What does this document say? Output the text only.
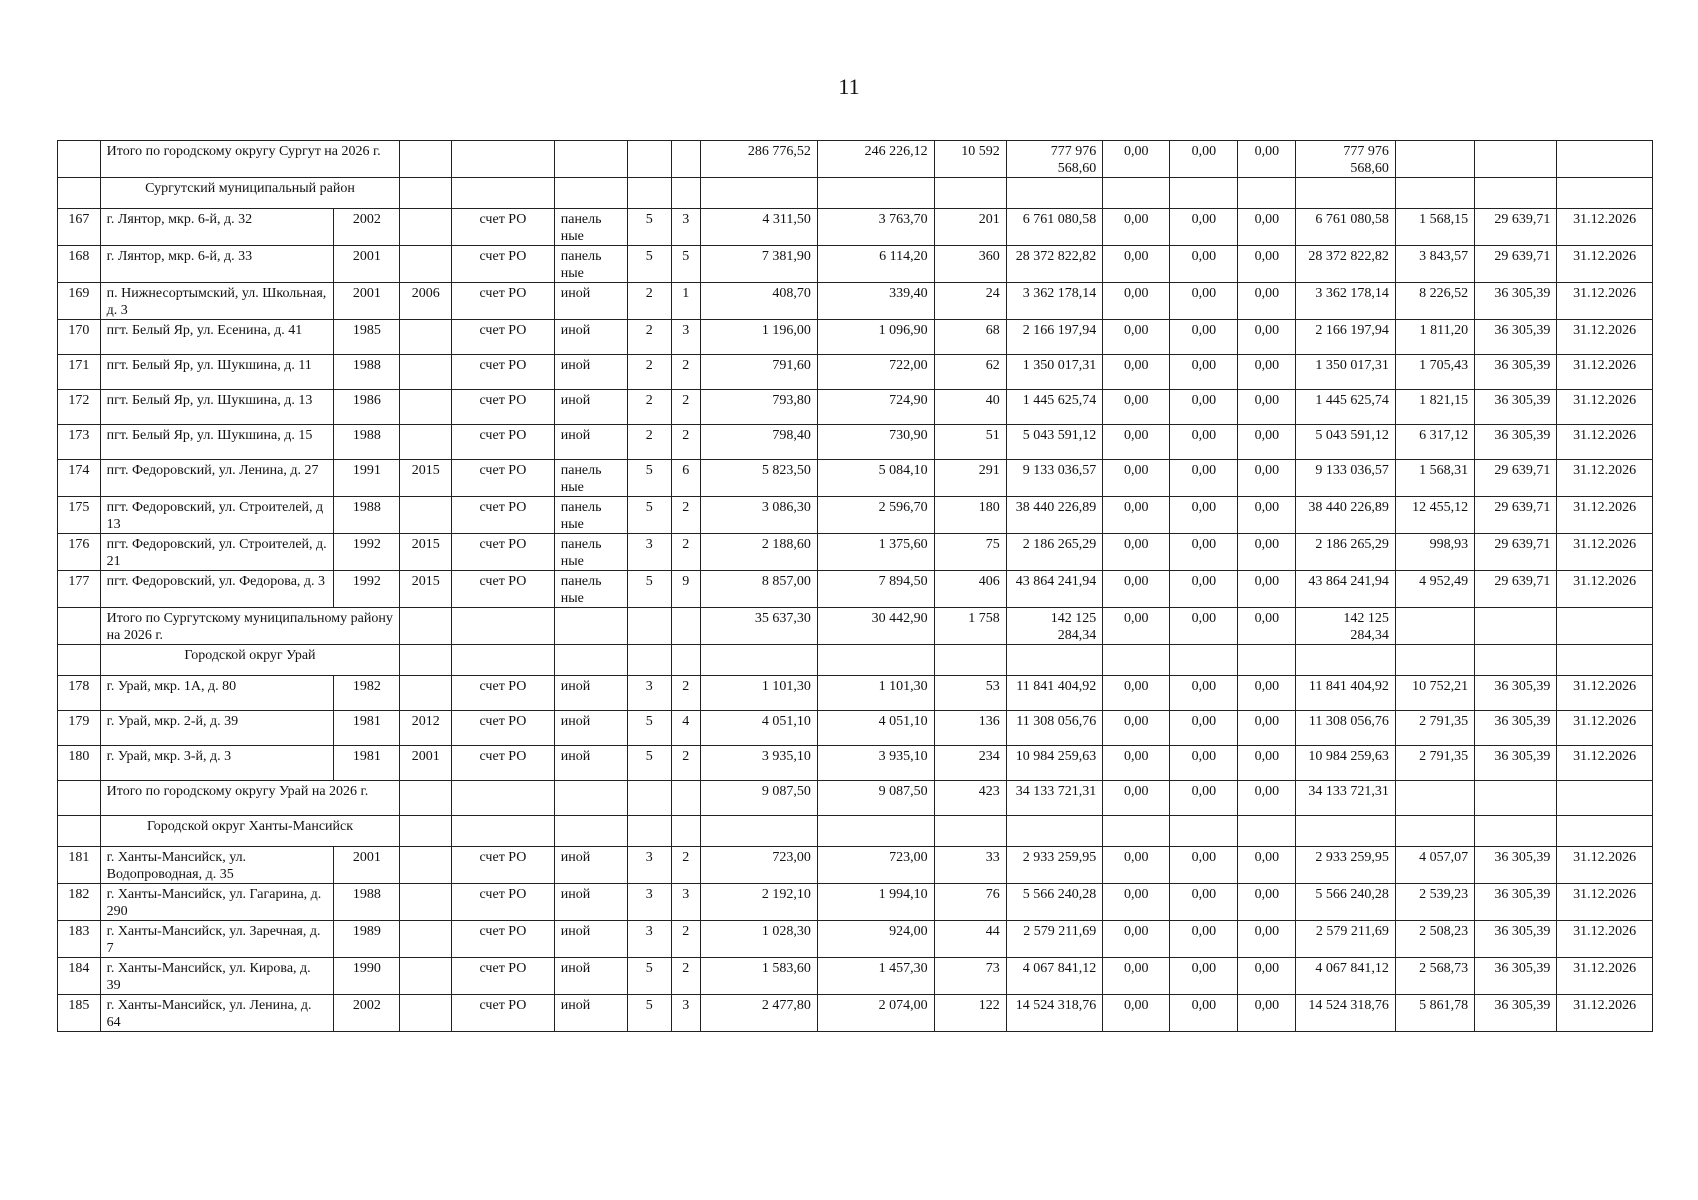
11
	Итого по городскому округу Сургут на 2026 г.							286 776,52	246 226,12	10 592	777 976 568,60	0,00	0,00	0,00	777 976 568,60			
	Сургутский муниципальный район																	
167	г. Лянтор, мкр. 6-й, д. 32	2002		счет РО	панель ные	5	3	4 311,50	3 763,70	201	6 761 080,58	0,00	0,00	0,00	6 761 080,58	1 568,15	29 639,71	31.12.2026
168	г. Лянтор, мкр. 6-й, д. 33	2001		счет РО	панель ные	5	5	7 381,90	6 114,20	360	28 372 822,82	0,00	0,00	0,00	28 372 822,82	3 843,57	29 639,71	31.12.2026
169	п. Нижнесортымский, ул. Школьная, д. 3	2001	2006	счет РО	иной	2	1	408,70	339,40	24	3 362 178,14	0,00	0,00	0,00	3 362 178,14	8 226,52	36 305,39	31.12.2026
170	пгт. Белый Яр, ул. Есенина, д. 41	1985		счет РО	иной	2	3	1 196,00	1 096,90	68	2 166 197,94	0,00	0,00	0,00	2 166 197,94	1 811,20	36 305,39	31.12.2026
171	пгт. Белый Яр, ул. Шукшина, д. 11	1988		счет РО	иной	2	2	791,60	722,00	62	1 350 017,31	0,00	0,00	0,00	1 350 017,31	1 705,43	36 305,39	31.12.2026
172	пгт. Белый Яр, ул. Шукшина, д. 13	1986		счет РО	иной	2	2	793,80	724,90	40	1 445 625,74	0,00	0,00	0,00	1 445 625,74	1 821,15	36 305,39	31.12.2026
173	пгт. Белый Яр, ул. Шукшина, д. 15	1988		счет РО	иной	2	2	798,40	730,90	51	5 043 591,12	0,00	0,00	0,00	5 043 591,12	6 317,12	36 305,39	31.12.2026
174	пгт. Федоровский, ул. Ленина, д. 27	1991	2015	счет РО	панель ные	5	6	5 823,50	5 084,10	291	9 133 036,57	0,00	0,00	0,00	9 133 036,57	1 568,31	29 639,71	31.12.2026
175	пгт. Федоровский, ул. Строителей, д 13	1988		счет РО	панель ные	5	2	3 086,30	2 596,70	180	38 440 226,89	0,00	0,00	0,00	38 440 226,89	12 455,12	29 639,71	31.12.2026
176	пгт. Федоровский, ул. Строителей, д. 21	1992	2015	счет РО	панель ные	3	2	2 188,60	1 375,60	75	2 186 265,29	0,00	0,00	0,00	2 186 265,29	998,93	29 639,71	31.12.2026
177	пгт. Федоровский, ул. Федорова, д. 3	1992	2015	счет РО	панель ные	5	9	8 857,00	7 894,50	406	43 864 241,94	0,00	0,00	0,00	43 864 241,94	4 952,49	29 639,71	31.12.2026
	Итого по Сургутскому муниципальному району на 2026 г.							35 637,30	30 442,90	1 758	142 125 284,34	0,00	0,00	0,00	142 125 284,34			
	Городской округ Урай																	
178	г. Урай, мкр. 1А, д. 80	1982		счет РО	иной	3	2	1 101,30	1 101,30	53	11 841 404,92	0,00	0,00	0,00	11 841 404,92	10 752,21	36 305,39	31.12.2026
179	г. Урай, мкр. 2-й, д. 39	1981	2012	счет РО	иной	5	4	4 051,10	4 051,10	136	11 308 056,76	0,00	0,00	0,00	11 308 056,76	2 791,35	36 305,39	31.12.2026
180	г. Урай, мкр. 3-й, д. 3	1981	2001	счет РО	иной	5	2	3 935,10	3 935,10	234	10 984 259,63	0,00	0,00	0,00	10 984 259,63	2 791,35	36 305,39	31.12.2026
	Итого по городскому округу Урай на 2026 г.							9 087,50	9 087,50	423	34 133 721,31	0,00	0,00	0,00	34 133 721,31			
	Городской округ Ханты-Мансийск																	
181	г. Ханты-Мансийск, ул. Водопроводная, д. 35	2001		счет РО	иной	3	2	723,00	723,00	33	2 933 259,95	0,00	0,00	0,00	2 933 259,95	4 057,07	36 305,39	31.12.2026
182	г. Ханты-Мансийск, ул. Гагарина, д. 290	1988		счет РО	иной	3	3	2 192,10	1 994,10	76	5 566 240,28	0,00	0,00	0,00	5 566 240,28	2 539,23	36 305,39	31.12.2026
183	г. Ханты-Мансийск, ул. Заречная, д. 7	1989		счет РО	иной	3	2	1 028,30	924,00	44	2 579 211,69	0,00	0,00	0,00	2 579 211,69	2 508,23	36 305,39	31.12.2026
184	г. Ханты-Мансийск, ул. Кирова, д. 39	1990		счет РО	иной	5	2	1 583,60	1 457,30	73	4 067 841,12	0,00	0,00	0,00	4 067 841,12	2 568,73	36 305,39	31.12.2026
185	г. Ханты-Мансийск, ул. Ленина, д. 64	2002		счет РО	иной	5	3	2 477,80	2 074,00	122	14 524 318,76	0,00	0,00	0,00	14 524 318,76	5 861,78	36 305,39	31.12.2026
